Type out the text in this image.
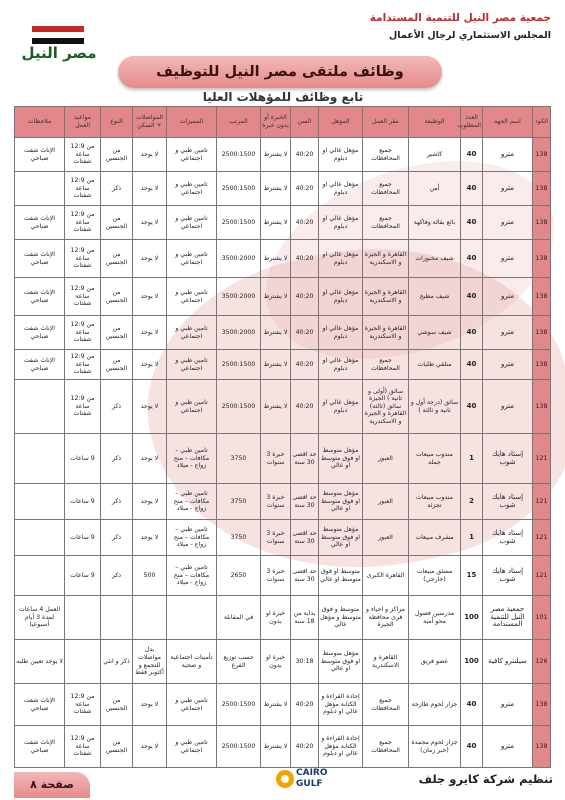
مصر النيل
جمعية مصر النيل للتنمية المستدامة
المجلس الاستثماري لرجال الأعمال
وظائف ملتقى مصر النيل للتوظيف
تابع وظائف للمؤهلات العليا
الكود	اسم الجهة	العدد المطلوب	الوظيفة	مقر العمل	المؤهل	السن	الخبرة أو بدون خبرة	المرتب	المميزات	المواصلات + السكن	النوع	مواعيد العمل	ملاحظات
138	مترو	40	كاشير	جميع المحافظات	مؤهل عالي او دبلوم	40:20	لا يشترط	2500:1500	تامين طبي و اجتماعي	لا يوجد	من الجنسين	من 12:9 ساعة شفتات	الإناث شفت صباحي
138	مترو	40	أمن	جميع المحافظات	مؤهل عالي او دبلوم	40:20	لا يشترط	2500:1500	تامين طبي و اجتماعي	لا يوجد	ذكر	من 12:9 ساعة شفتات	
138	مترو	40	بائع بقالة وفاكهة	جميع المحافظات	مؤهل عالي او دبلوم	40:20	لا يشترط	2500:1500	تامين طبي و اجتماعي	لا يوجد	من الجنسين	من 12:9 ساعة شفتات	الإناث شفت صباحي
138	مترو	40	شيف مخبوزات	القاهرة و الجيزة و الاسكندرية	مؤهل عالي او دبلوم	40:20	لا يشترط	3500:2000	تامين طبي و اجتماعي	لا يوجد	من الجنسين	من 12:9 ساعة شفتات	الإناث شفت صباحي
138	مترو	40	شيف مطبخ	القاهرة و الجيزة و الاسكندرية	مؤهل عالي او دبلوم	40:20	لا يشترط	3500:2000	تامين طبي و اجتماعي	لا يوجد	من الجنسين	من 12:9 ساعة شفتات	الإناث شفت صباحي
138	مترو	40	شيف سوشي	القاهرة و الجيزة و الاسكندرية	مؤهل عالي او دبلوم	40:20	لا يشترط	3500:2000	تامين طبي و اجتماعي	لا يوجد	من الجنسين	من 12:9 ساعة شفتات	الإناث شفت صباحي
138	مترو	40	منلقي طلبات	جميع المحافظات	مؤهل عالي او دبلوم	40:20	لا يشترط	2500:1500	تامين طبي و اجتماعي	لا يوجد	من الجنسين	من 12:9 ساعة شفتات	الإناث شفت صباحي
138	مترو	40	سائق (درجة أول و ثانية و ثالثة )	سائق (أولى و ثانية ) الجيزة سائق (ثالثة) القاهرة و الجيزة و الاسكندرية	مؤهل عالي او دبلوم	40:20	لا يشترط	2500:1500	تامين طبي و اجتماعي	لا يوجد	ذكر	من 12:9 ساعة شفتات	
121	إستاد هايك شوب	1	مندوب مبيعات جملة	العبور	مؤهل متوسط او فوق متوسط او عالي	حد اقصى 30 سنة	خبرة 3 سنوات	3750	تامين طبي – مكافات – منح زواج - ميلاد	لا يوجد	ذكر	9 ساعات	
121	إستاد هايك شوب	2	مندوب مبيعات تجزئة	العبور	مؤهل متوسط او فوق متوسط او عالي	حد اقصى 30 سنة	خبرة 3 سنوات	3750	تامين طبي – مكافات – منح زواج - ميلاد	لا يوجد	ذكر	9 ساعات	
121	إستاد هايك شوب	1	مشرف مبيعات	العبور	مؤهل متوسط او فوق متوسط او عالي	حد اقصى 30 سنة	خبرة 3 سنوات	3750	تامين طبي – مكافات – منح زواج - ميلاد	لا يوجد	ذكر	9 ساعات	
121	إستاد هايك شوب	15	مسئق مبيعات (خارجي)	القاهرة الكبرى	متوسط او فوق متوسط او عالي	حد اقصى 30 سنة	خبرة 3 سنوات	2650	تامين طبي – مكافات – منح زواج - ميلاد	500	ذكر	9 ساعات	
101	جمعية مصر النيل للتنمية المستدامة	100	مدرسين فصول محو أمية	مراكز و احياء و قرى محافظة الجيزة	متوسط و فوق متوسط و مؤهل عالي	بداية من 18 سنة	خبرة او بدون	في المقابلة					العمل 4 ساعات لمدة 3 أيام أسبوعيا
126	سيلنترو كافية	100	عضو فريق	القاهرة و الاسكندرية	مؤهل متوسط او فوق متوسط او عالي	30:18	خبرة او بدون	حسب توزيع الفرع	تأمينات اجتماعية و صحية	بدل مواصلات للتجمع و أكتوبر فقط	ذكر و انثي		لا يوجد تعيين طلبه
138	مترو	40	جزار لحوم طازجة	جميع المحافظات	إجادة القراءة و الكتابة مؤهل عالي او دبلوم	40:20	لا يشترط	2500:1500	تامين طبي و اجتماعي	لا يوجد	من الجنسين	من 12:9 ساعة شفتات	الإناث شفت صباحي
138	مترو	40	جزار لحوم مجمدة (خبر زمان)	جميع المحافظات	إجادة القراءة و الكتابة مؤهل عالي او دبلوم	40:20	لا يشترط	2500:1500	تامين طبي و اجتماعي	لا يوجد	من الجنسين	من 12:9 ساعة شفتات	الإناث شفت صباحي
صفحة ٨
CAIRO
GULF	تنظيم شركة كايرو جلف
